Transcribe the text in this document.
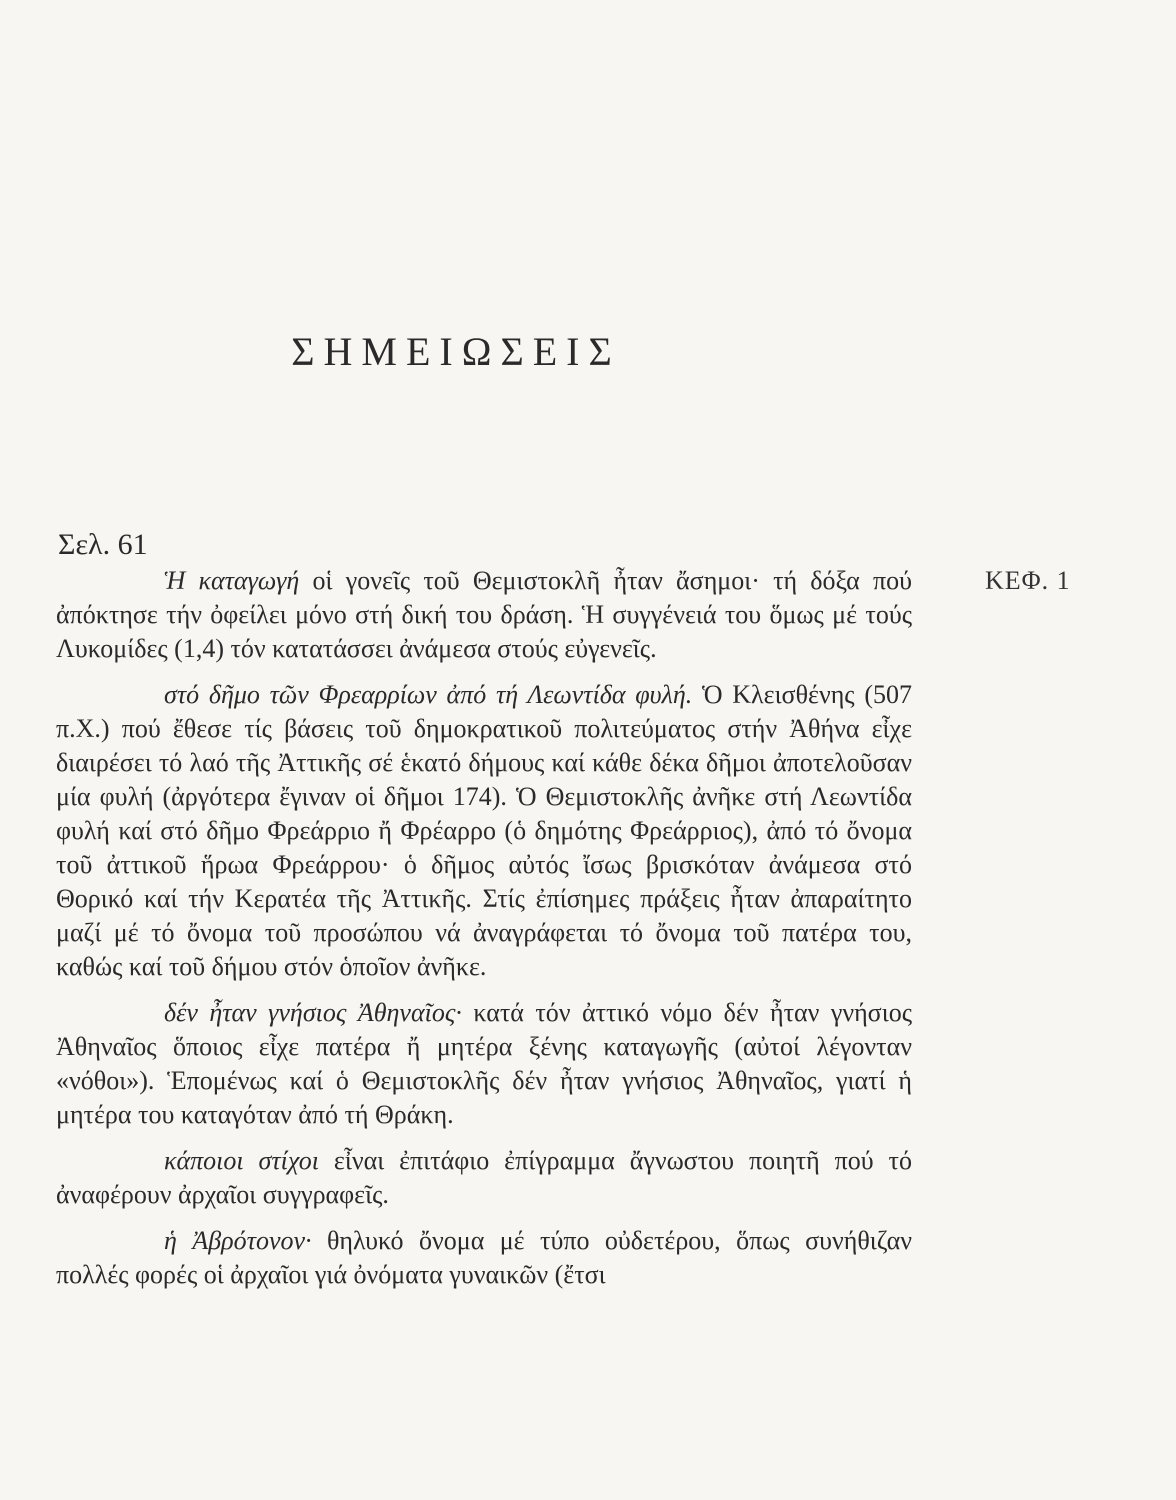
ΣΗΜΕΙΩΣΕΙΣ
Σελ. 61
ΚΕΦ. 1

Ἡ καταγωγή οἱ γονεῖς τοῦ Θεμιστοκλῆ ἦταν ἄσημοι· τή δόξα πού ἀπόκτησε τήν ὀφείλει μόνο στή δική του δράση. Ἡ συγγένειά του ὅμως μέ τούς Λυκομίδες (1,4) τόν κατατάσσει ἀνάμεσα στούς εὐγενεῖς.

στό δῆμο τῶν Φρεαρρίων ἀπό τή Λεωντίδα φυλή. Ὁ Κλεισθένης (507 π.Χ.) πού ἔθεσε τίς βάσεις τοῦ δημοκρατικοῦ πολιτεύματος στήν Ἀθήνα εἶχε διαιρέσει τό λαό τῆς Ἀττικῆς σέ ἑκατό δήμους καί κάθε δέκα δῆμοι ἀποτελοῦσαν μία φυλή (ἀργότερα ἔγιναν οἱ δῆμοι 174). Ὁ Θεμιστοκλῆς ἀνῆκε στή Λεωντίδα φυλή καί στό δῆμο Φρεάρριο ἤ Φρέαρρο (ὁ δημότης Φρεάρριος), ἀπό τό ὄνομα τοῦ ἀττικοῦ ἥρωα Φρεάρρου· ὁ δῆμος αὐτός ἴσως βρισκόταν ἀνάμεσα στό Θορικό καί τήν Κερατέα τῆς Ἀττικῆς. Στίς ἐπίσημες πράξεις ἦταν ἀπαραίτητο μαζί μέ τό ὄνομα τοῦ προσώπου νά ἀναγράφεται τό ὄνομα τοῦ πατέρα του, καθώς καί τοῦ δήμου στόν ὁποῖον ἀνῆκε.

δέν ἦταν γνήσιος Ἀθηναῖος· κατά τόν ἀττικό νόμο δέν ἦταν γνήσιος Ἀθηναῖος ὅποιος εἶχε πατέρα ἤ μητέρα ξένης καταγωγῆς (αὐτοί λέγονταν «νόθοι»). Ἑπομένως καί ὁ Θεμιστοκλῆς δέν ἦταν γνήσιος Ἀθηναῖος, γιατί ἡ μητέρα του καταγόταν ἀπό τή Θράκη.

κάποιοι στίχοι εἶναι ἐπιτάφιο ἐπίγραμμα ἄγνωστου ποιητῆ πού τό ἀναφέρουν ἀρχαῖοι συγγραφεῖς.

ἡ Ἀβρότονον· θηλυκό ὄνομα μέ τύπο οὐδετέρου, ὅπως συνήθιζαν πολλές φορές οἱ ἀρχαῖοι γιά ὀνόματα γυναικῶν (ἔτσι
